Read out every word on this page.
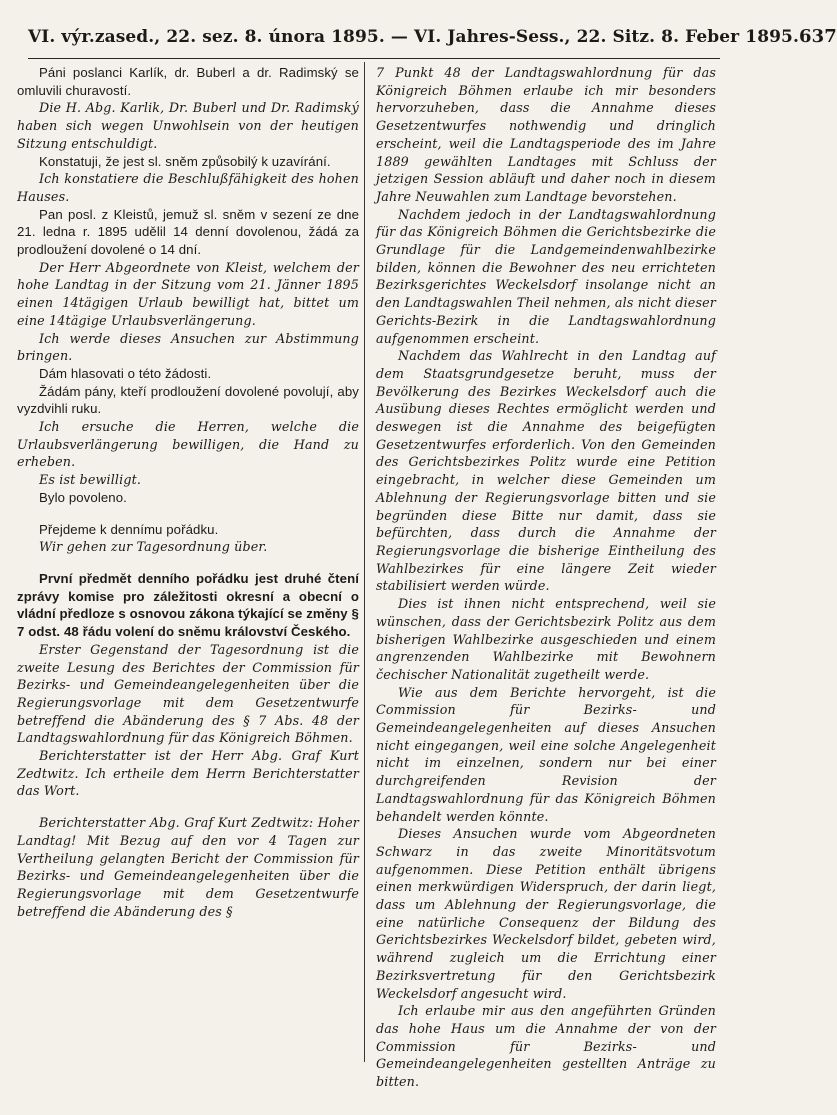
VI. výr.zased., 22. sez. 8. února 1895. — VI. Jahres-Sess., 22. Sitz. 8. Feber 1895. 637

Páni poslanci Karlík, dr. Buberl a dr. Radimský se omluvili churavostí.

Die H. Abg. Karlik, Dr. Buberl und Dr. Radimský haben sich wegen Unwohlsein von der heutigen Sitzung entschuldigt.

Konstatuji, že jest sl. sněm způsobilý k uzavírání.

Ich konstatiere die Beschlußfähigkeit des hohen Hauses.

Pan posl. z Kleistů, jemuž sl. sněm v sezení ze dne 21. ledna r. 1895 udělil 14 denní dovolenou, žádá za prodloužení dovolené o 14 dní.

Der Herr Abgeordnete von Kleist, welchem der hohe Landtag in der Sitzung vom 21. Jänner 1895 einen 14tägigen Urlaub bewilligt hat, bittet um eine 14tägige Urlaubsverlängerung.

Ich werde dieses Ansuchen zur Abstimmung bringen.

Dám hlasovati o této žádosti.

Žádám pány, kteří prodloužení dovolené povolují, aby vyzdvihli ruku.

Ich ersuche die Herren, welche die Urlaubsverlängerung bewilligen, die Hand zu erheben.

Es ist bewilligt.

Bylo povoleno.

Přejdeme k dennímu pořádku.

Wir gehen zur Tagesordnung über.

První předmět denního pořádku jest druhé čtení zprávy komise pro záležitosti okresní a obecní o vládní předloze s osnovou zákona týkající se změny § 7 odst. 48 řádu volení do sněmu království Českého.

Erster Gegenstand der Tagesordnung ist die zweite Lesung des Berichtes der Commission für Bezirks- und Gemeindeangelegenheiten über die Regierungsvorlage mit dem Gesetzentwurfe betreffend die Abänderung des § 7 Abs. 48 der Landtagswahlordnung für das Königreich Böhmen.

Berichterstatter ist der Herr Abg. Graf Kurt Zedtwitz. Ich ertheile dem Herrn Berichterstatter das Wort.

Berichterstatter Abg. Graf Kurt Zedtwitz: Hoher Landtag! Mit Bezug auf den vor 4 Tagen zur Vertheilung gelangten Bericht der Commission für Bezirks- und Gemeindeangelegenheiten über die Regierungsvorlage mit dem Gesetzentwurfe betreffend die Abänderung des §

7 Punkt 48 der Landtagswahlordnung für das Königreich Böhmen erlaube ich mir besonders hervorzuheben, dass die Annahme dieses Gesetzentwurfes nothwendig und dringlich erscheint, weil die Landtagsperiode des im Jahre 1889 gewählten Landtages mit Schluss der jetzigen Session abläuft und daher noch in diesem Jahre Neuwahlen zum Landtage bevorstehen.

Nachdem jedoch in der Landtagswahlordnung für das Königreich Böhmen die Gerichtsbezirke die Grundlage für die Landgemeindenwahlbezirke bilden, können die Bewohner des neu errichteten Bezirksgerichtes Weckelsdorf insolange nicht an den Landtagswahlen Theil nehmen, als nicht dieser Gerichts-Bezirk in die Landtagswahlordnung aufgenommen erscheint.

Nachdem das Wahlrecht in den Landtag auf dem Staatsgrundgesetze beruht, muss der Bevölkerung des Bezirkes Weckelsdorf auch die Ausübung dieses Rechtes ermöglicht werden und deswegen ist die Annahme des beigefügten Gesetzentwurfes erforderlich. Von den Gemeinden des Gerichtsbezirkes Politz wurde eine Petition eingebracht, in welcher diese Gemeinden um Ablehnung der Regierungsvorlage bitten und sie begründen diese Bitte nur damit, dass sie befürchten, dass durch die Annahme der Regierungsvorlage die bisherige Eintheilung des Wahlbezirkes für eine längere Zeit wieder stabilisiert werden würde.

Dies ist ihnen nicht entsprechend, weil sie wünschen, dass der Gerichtsbezirk Politz aus dem bisherigen Wahlbezirke ausgeschieden und einem angrenzenden Wahlbezirke mit Bewohnern čechischer Nationalität zugetheilt werde.

Wie aus dem Berichte hervorgeht, ist die Commission für Bezirks- und Gemeindeangelegenheiten auf dieses Ansuchen nicht eingegangen, weil eine solche Angelegenheit nicht im einzelnen, sondern nur bei einer durchgreifenden Revision der Landtagswahlordnung für das Königreich Böhmen behandelt werden könnte.

Dieses Ansuchen wurde vom Abgeordneten Schwarz in das zweite Minoritätsvotum aufgenommen. Diese Petition enthält übrigens einen merkwürdigen Widerspruch, der darin liegt, dass um Ablehnung der Regierungsvorlage, die eine natürliche Consequenz der Bildung des Gerichtsbezirkes Weckelsdorf bildet, gebeten wird, während zugleich um die Errichtung einer Bezirksvertretung für den Gerichtsbezirk Weckelsdorf angesucht wird.

Ich erlaube mir aus den angeführten Gründen das hohe Haus um die Annahme der von der Commission für Bezirks- und Gemeindeangelegenheiten gestellten Anträge zu bitten.
